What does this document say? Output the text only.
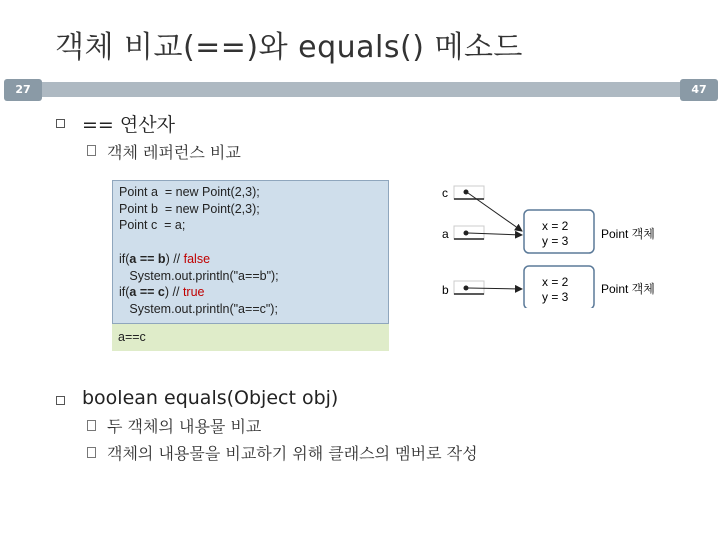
객체 비교(==)와 equals() 메소드
27	47
== 연산자
객체 레퍼런스 비교
Point a  = new Point(2,3);
Point b  = new Point(2,3);
Point c  = a;
if(a == b) // false
System.out.println("a==b");
if(a == c) // true
System.out.println("a==c");
a==c
c
a
b
x = 2
y = 3	Point 객체
x = 2
y = 3
Point 객체
boolean equals(Object obj)
두 객체의 내용물 비교
객체의 내용물을 비교하기 위해 클래스의 멤버로 작성
